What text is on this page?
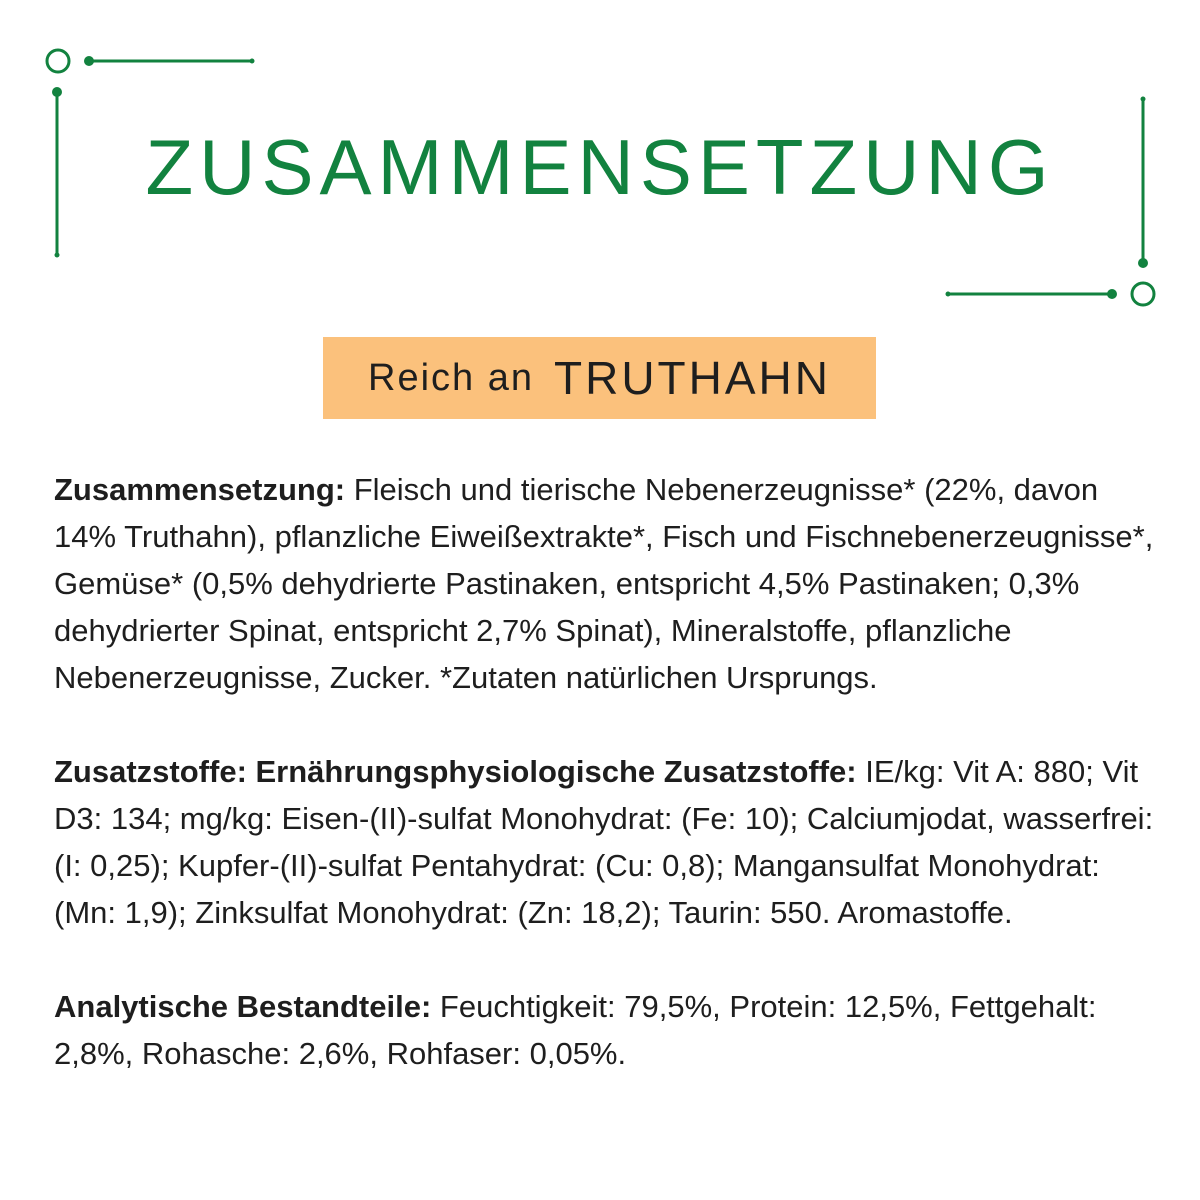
ZUSAMMENSETZUNG
Reich an TRUTHAHN

Zusammensetzung: Fleisch und tierische Nebenerzeugnisse* (22%, davon 14% Truthahn), pflanzliche Eiweißextrakte*, Fisch und Fischnebenerzeugnisse*, Gemüse* (0,5% dehydrierte Pastinaken, entspricht 4,5% Pastinaken; 0,3% dehydrierter Spinat, entspricht 2,7% Spinat), Mineralstoffe, pflanzliche Nebenerzeugnisse, Zucker. *Zutaten natürlichen Ursprungs.

Zusatzstoffe: Ernährungsphysiologische Zusatzstoffe: IE/kg: Vit A: 880; Vit D3: 134; mg/kg: Eisen-(II)-sulfat Monohydrat: (Fe: 10); Calciumjodat, wasserfrei: (I: 0,25); Kupfer-(II)-sulfat Pentahydrat: (Cu: 0,8); Mangansulfat Monohydrat: (Mn: 1,9); Zinksulfat Monohydrat: (Zn: 18,2); Taurin: 550. Aromastoffe.

Analytische Bestandteile: Feuchtigkeit: 79,5%, Protein: 12,5%, Fettgehalt: 2,8%, Rohasche: 2,6%, Rohfaser: 0,05%.
